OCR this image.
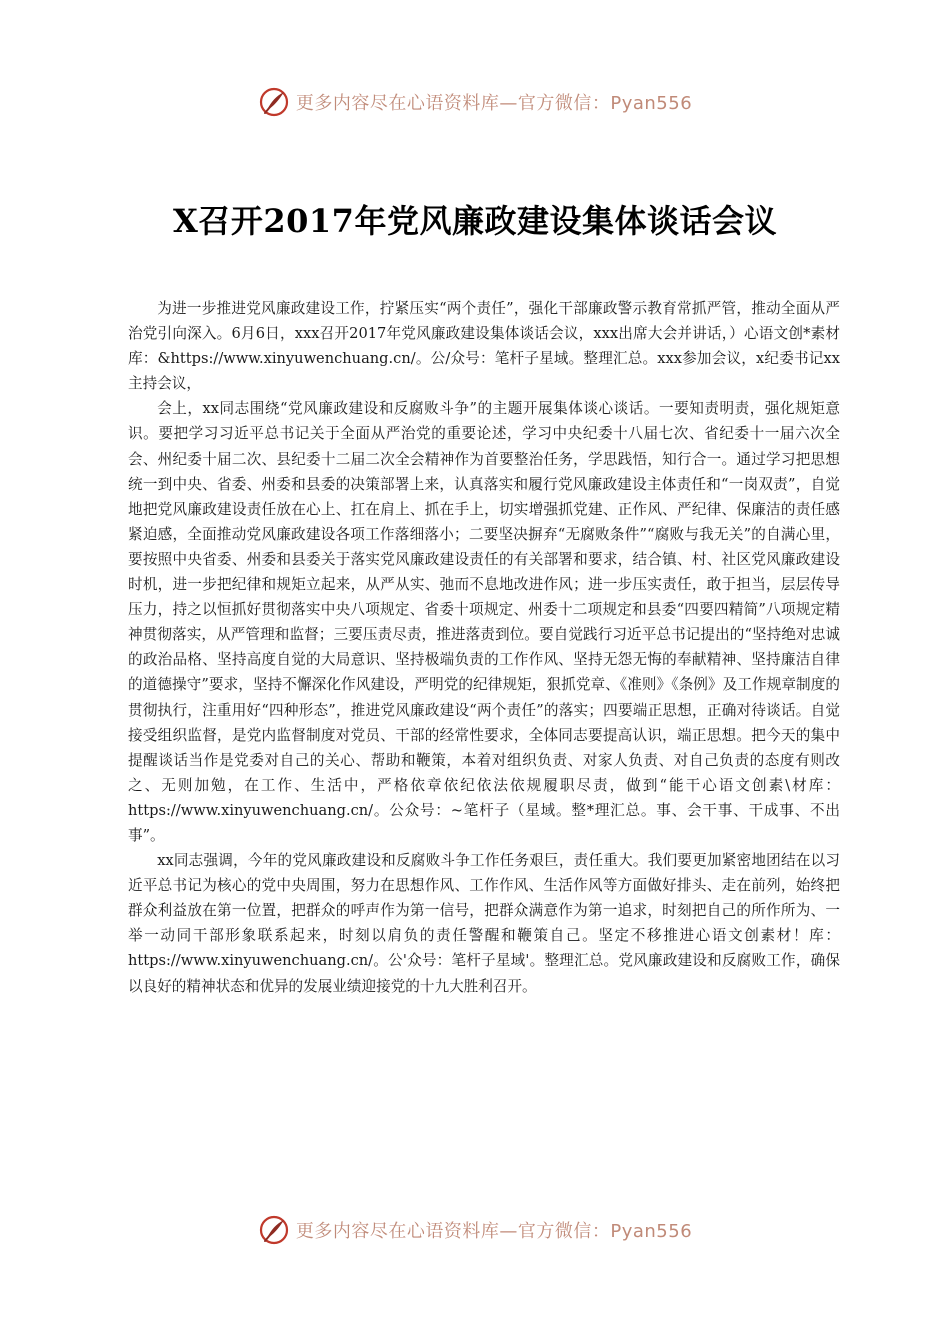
更多内容尽在心语资料库—官方微信：Pyan556
X召开2017年党风廉政建设集体谈话会议

为进一步推进党风廉政建设工作，拧紧压实“两个责任”，强化干部廉政警示教育常抓严管，推动全面从严治党引向深入。6月6日，xxx召开2017年党风廉政建设集体谈话会议，xxx出席大会并讲话，）心语文创*素材库：&https://www.xinyuwenchuang.cn/。公/众号：笔杆子星域。整理汇总。xxx参加会议，x纪委书记xx主持会议，

会上，xx同志围绕“党风廉政建设和反腐败斗争”的主题开展集体谈心谈话。一要知责明责，强化规矩意识。要把学习习近平总书记关于全面从严治党的重要论述，学习中央纪委十八届七次、省纪委十一届六次全会、州纪委十届二次、县纪委十二届二次全会精神作为首要整治任务，学思践悟，知行合一。通过学习把思想统一到中央、省委、州委和县委的决策部署上来，认真落实和履行党风廉政建设主体责任和“一岗双责”，自觉地把党风廉政建设责任放在心上、扛在肩上、抓在手上，切实增强抓党建、正作风、严纪律、保廉洁的责任感紧迫感，全面推动党风廉政建设各项工作落细落小；二要坚决摒弃“无腐败条件”“腐败与我无关”的自满心里，要按照中央省委、州委和县委关于落实党风廉政建设责任的有关部署和要求，结合镇、村、社区党风廉政建设时机，进一步把纪律和规矩立起来，从严从实、弛而不息地改进作风；进一步压实责任，敢于担当，层层传导压力，持之以恒抓好贯彻落实中央八项规定、省委十项规定、州委十二项规定和县委“四要四精简”八项规定精神贯彻落实，从严管理和监督；三要压责尽责，推进落责到位。要自觉践行习近平总书记提出的“坚持绝对忠诚的政治品格、坚持高度自觉的大局意识、坚持极端负责的工作作风、坚持无怨无悔的奉献精神、坚持廉洁自律的道德操守”要求，坚持不懈深化作风建设，严明党的纪律规矩，狠抓党章、《准则》《条例》及工作规章制度的贯彻执行，注重用好“四种形态”，推进党风廉政建设“两个责任”的落实；四要端正思想，正确对待谈话。自觉接受组织监督，是党内监督制度对党员、干部的经常性要求，全体同志要提高认识，端正思想。把今天的集中提醒谈话当作是党委对自己的关心、帮助和鞭策，本着对组织负责、对家人负责、对自己负责的态度有则改之、无则加勉，在工作、生活中，严格依章依纪依法依规履职尽责，做到“能干心语文创素\材库：https://www.xinyuwenchuang.cn/。公众号：~笔杆子（星域。整*理汇总。事、会干事、干成事、不出事”。

xx同志强调，今年的党风廉政建设和反腐败斗争工作任务艰巨，责任重大。我们要更加紧密地团结在以习近平总书记为核心的党中央周围，努力在思想作风、工作作风、生活作风等方面做好排头、走在前列，始终把群众利益放在第一位置，把群众的呼声作为第一信号，把群众满意作为第一追求，时刻把自己的所作所为、一举一动同干部形象联系起来，时刻以肩负的责任警醒和鞭策自己。坚定不移推进心语文创素材！库：https://www.xinyuwenchuang.cn/。公'众号：笔杆子星域'。整理汇总。党风廉政建设和反腐败工作，确保以良好的精神状态和优异的发展业绩迎接党的十九大胜利召开。

更多内容尽在心语资料库—官方微信：Pyan556
